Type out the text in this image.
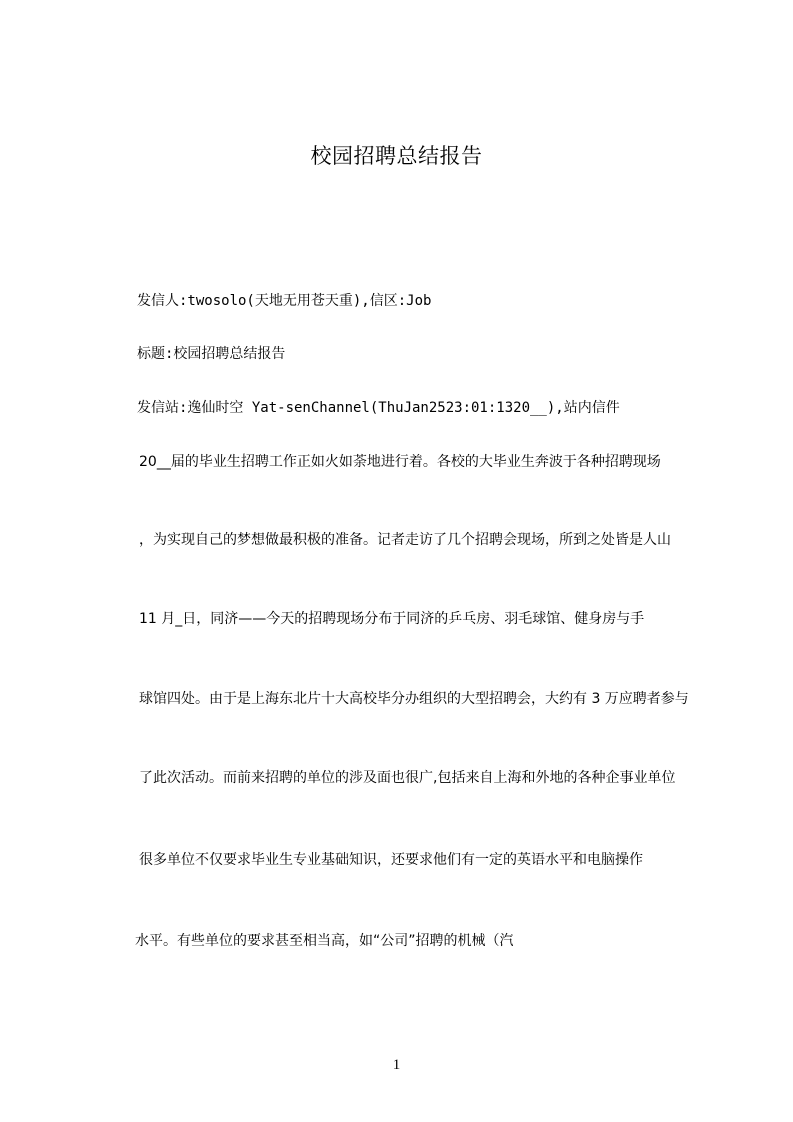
校园招聘总结报告
发信人:twosolo(天地无用苍天重),信区:Job
标题:校园招聘总结报告
发信站:逸仙时空 Yat-senChannel(ThuJan2523:01:1320__),站内信件
20__届的毕业生招聘工作正如火如荼地进行着。各校的大毕业生奔波于各种招聘现场
，为实现自己的梦想做最积极的准备。记者走访了几个招聘会现场，所到之处皆是人山
11 月_日，同济——今天的招聘现场分布于同济的乒乓房、羽毛球馆、健身房与手
球馆四处。由于是上海东北片十大高校毕分办组织的大型招聘会，大约有 3 万应聘者参与
了此次活动。而前来招聘的单位的涉及面也很广,包括来自上海和外地的各种企事业单位
很多单位不仅要求毕业生专业基础知识，还要求他们有一定的英语水平和电脑操作
水平。有些单位的要求甚至相当高，如“公司”招聘的机械（汽
1
